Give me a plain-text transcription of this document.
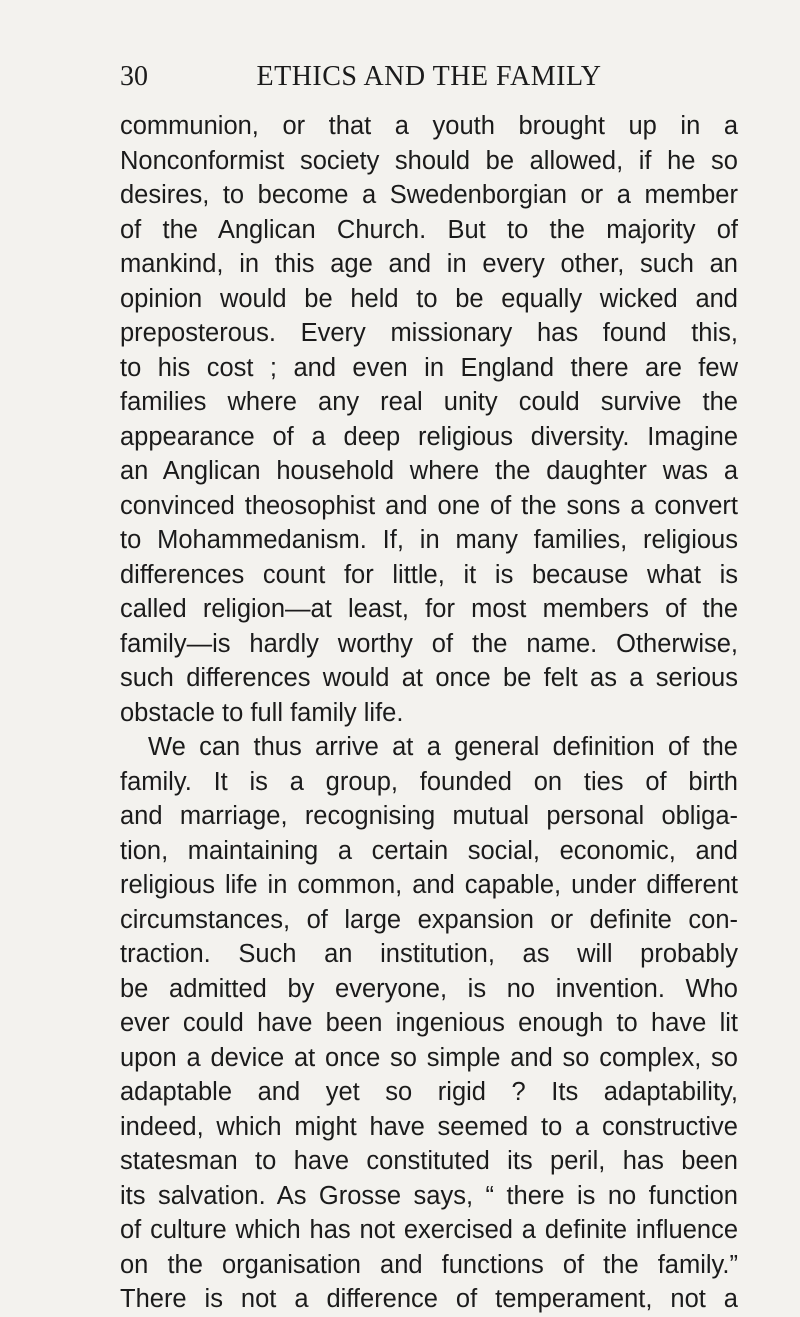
30	ETHICS AND THE FAMILY
communion, or that a youth brought up in a
Nonconformist society should be allowed, if he so
desires, to become a Swedenborgian or a member
of the Anglican Church. But to the majority of
mankind, in this age and in every other, such an
opinion would be held to be equally wicked and
preposterous. Every missionary has found this,
to his cost ; and even in England there are few
families where any real unity could survive the
appearance of a deep religious diversity. Imagine
an Anglican household where the daughter was a
convinced theosophist and one of the sons a convert
to Mohammedanism. If, in many families, religious
differences count for little, it is because what is
called religion—at least, for most members of the
family—is hardly worthy of the name. Otherwise,
such differences would at once be felt as a serious
obstacle to full family life.
We can thus arrive at a general definition of the
family. It is a group, founded on ties of birth
and marriage, recognising mutual personal obliga-
tion, maintaining a certain social, economic, and
religious life in common, and capable, under different
circumstances, of large expansion or definite con-
traction. Such an institution, as will probably
be admitted by everyone, is no invention. Who
ever could have been ingenious enough to have lit
upon a device at once so simple and so complex, so
adaptable and yet so rigid ? Its adaptability,
indeed, which might have seemed to a constructive
statesman to have constituted its peril, has been
its salvation. As Grosse says, “ there is no function
of culture which has not exercised a definite influence
on the organisation and functions of the family.”
There is not a difference of temperament, not a
